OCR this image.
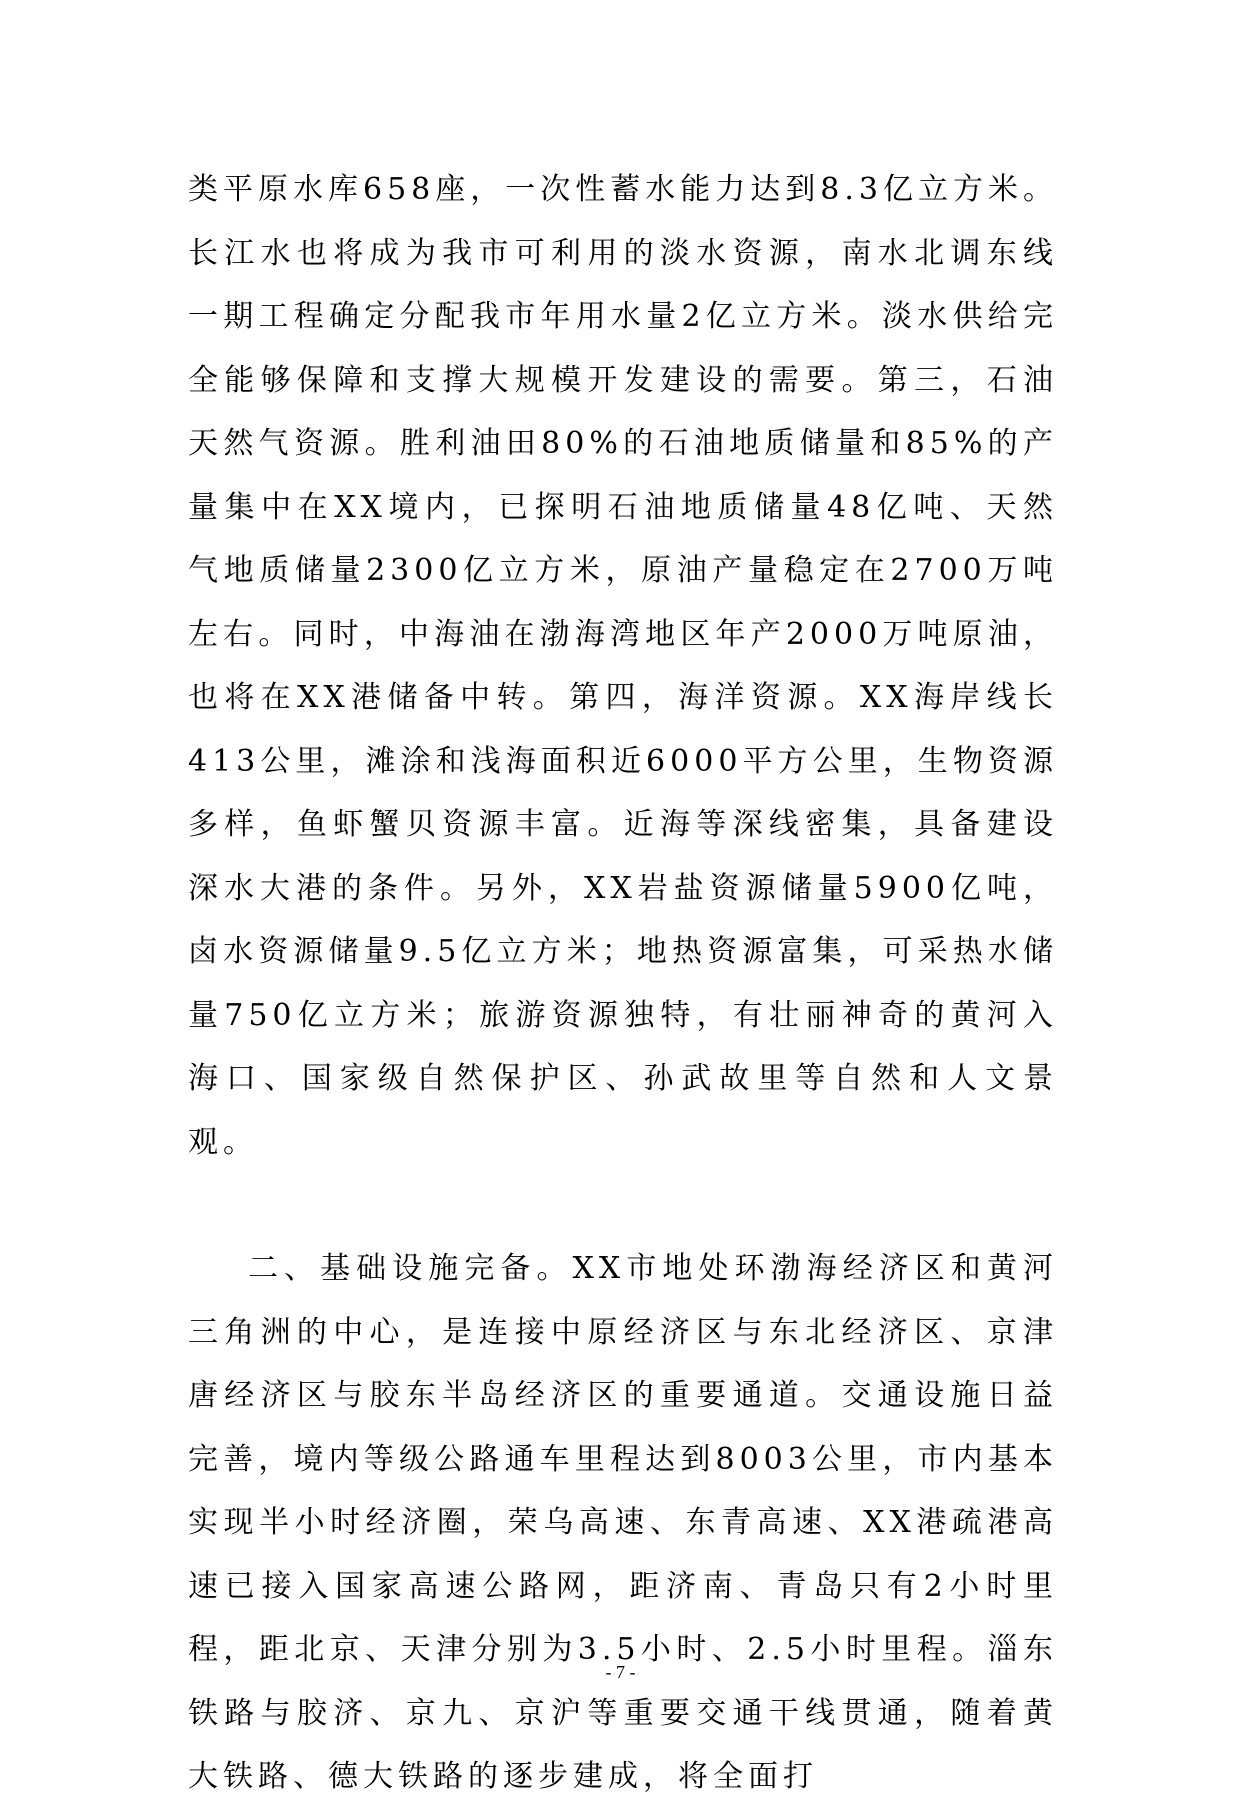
类平原水库658座，一次性蓄水能力达到8.3亿立方米。长江水也将成为我市可利用的淡水资源，南水北调东线一期工程确定分配我市年用水量2亿立方米。淡水供给完全能够保障和支撑大规模开发建设的需要。第三，石油天然气资源。胜利油田80%的石油地质储量和85%的产量集中在XX境内，已探明石油地质储量48亿吨、天然气地质储量2300亿立方米，原油产量稳定在2700万吨左右。同时，中海油在渤海湾地区年产2000万吨原油，也将在XX港储备中转。第四，海洋资源。XX海岸线长413公里，滩涂和浅海面积近6000平方公里，生物资源多样，鱼虾蟹贝资源丰富。近海等深线密集，具备建设深水大港的条件。另外，XX岩盐资源储量5900亿吨，卤水资源储量9.5亿立方米；地热资源富集，可采热水储量750亿立方米；旅游资源独特，有壮丽神奇的黄河入海口、国家级自然保护区、孙武故里等自然和人文景观。

二、基础设施完备。XX市地处环渤海经济区和黄河三角洲的中心，是连接中原经济区与东北经济区、京津唐经济区与胶东半岛经济区的重要通道。交通设施日益完善，境内等级公路通车里程达到8003公里，市内基本实现半小时经济圈，荣乌高速、东青高速、XX港疏港高速已接入国家高速公路网，距济南、青岛只有2小时里程，距北京、天津分别为3.5小时、2.5小时里程。淄东铁路与胶济、京九、京沪等重要交通干线贯通，随着黄大铁路、德大铁路的逐步建成，将全面打

- 7 -
